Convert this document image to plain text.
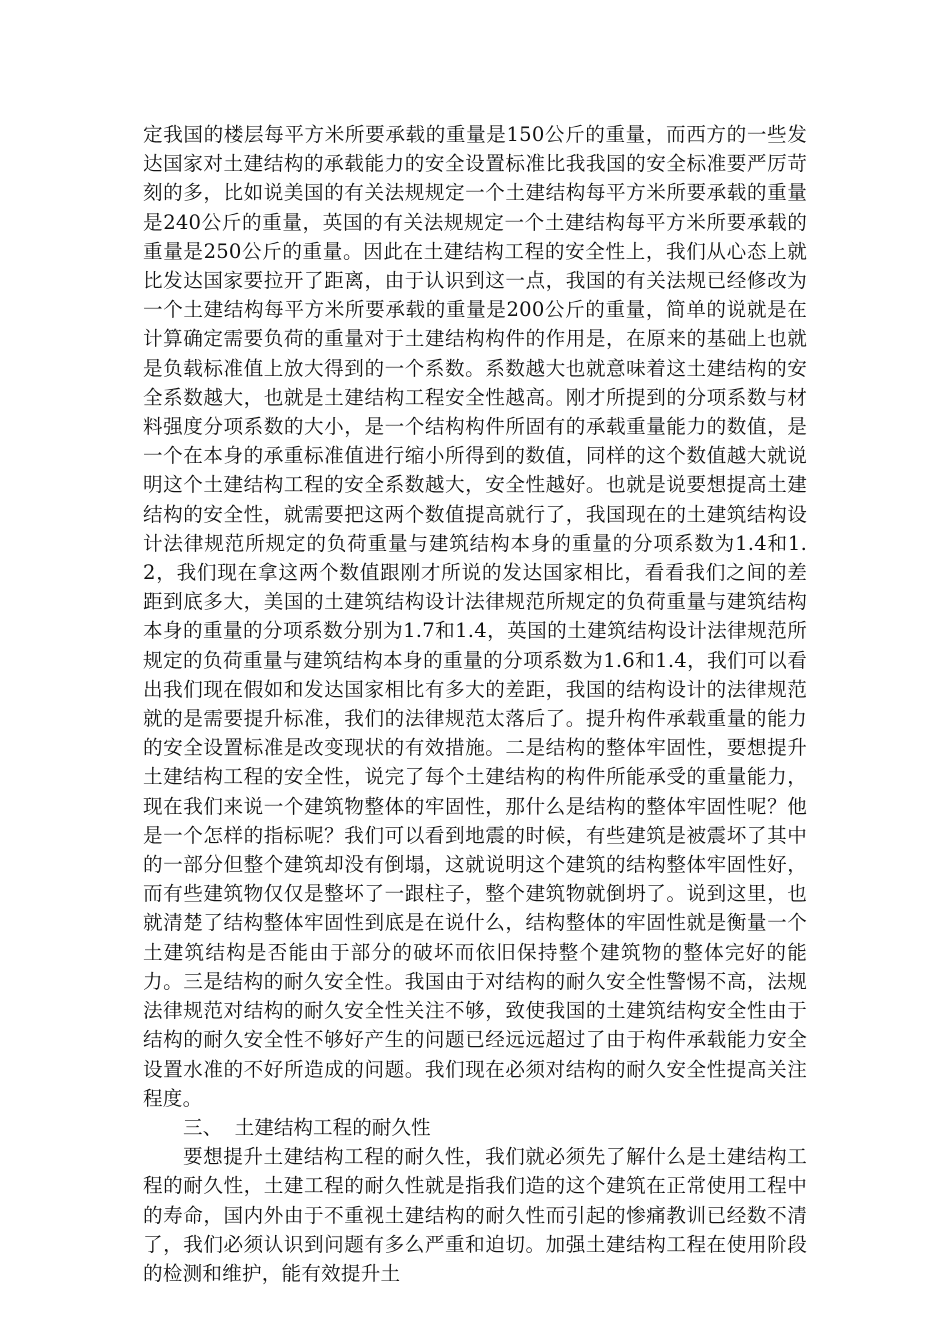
定我国的楼层每平方米所要承载的重量是150公斤的重量，而西方的一些发达国家对土建结构的承载能力的安全设置标准比我我国的安全标准要严厉苛刻的多，比如说美国的有关法规规定一个土建结构每平方米所要承载的重量是240公斤的重量，英国的有关法规规定一个土建结构每平方米所要承载的重量是250公斤的重量。因此在土建结构工程的安全性上，我们从心态上就比发达国家要拉开了距离，由于认识到这一点，我国的有关法规已经修改为一个土建结构每平方米所要承载的重量是200公斤的重量，简单的说就是在计算确定需要负荷的重量对于土建结构构件的作用是，在原来的基础上也就是负载标准值上放大得到的一个系数。系数越大也就意味着这土建结构的安全系数越大，也就是土建结构工程安全性越高。刚才所提到的分项系数与材料强度分项系数的大小，是一个结构构件所固有的承载重量能力的数值，是一个在本身的承重标准值进行缩小所得到的数值，同样的这个数值越大就说明这个土建结构工程的安全系数越大，安全性越好。也就是说要想提高土建结构的安全性，就需要把这两个数值提高就行了，我国现在的土建筑结构设计法律规范所规定的负荷重量与建筑结构本身的重量的分项系数为1.4和1.2，我们现在拿这两个数值跟刚才所说的发达国家相比，看看我们之间的差距到底多大，美国的土建筑结构设计法律规范所规定的负荷重量与建筑结构本身的重量的分项系数分别为1.7和1.4，英国的土建筑结构设计法律规范所规定的负荷重量与建筑结构本身的重量的分项系数为1.6和1.4，我们可以看出我们现在假如和发达国家相比有多大的差距，我国的结构设计的法律规范就的是需要提升标准，我们的法律规范太落后了。提升构件承载重量的能力的安全设置标准是改变现状的有效措施。二是结构的整体牢固性，要想提升土建结构工程的安全性，说完了每个土建结构的构件所能承受的重量能力，现在我们来说一个建筑物整体的牢固性，那什么是结构的整体牢固性呢？他是一个怎样的指标呢？我们可以看到地震的时候，有些建筑是被震坏了其中的一部分但整个建筑却没有倒塌，这就说明这个建筑的结构整体牢固性好，而有些建筑物仅仅是整坏了一跟柱子，整个建筑物就倒坍了。说到这里，也就清楚了结构整体牢固性到底是在说什么，结构整体的牢固性就是衡量一个土建筑结构是否能由于部分的破坏而依旧保持整个建筑物的整体完好的能力。三是结构的耐久安全性。我国由于对结构的耐久安全性警惕不高，法规法律规范对结构的耐久安全性关注不够，致使我国的土建筑结构安全性由于结构的耐久安全性不够好产生的问题已经远远超过了由于构件承载能力安全设置水准的不好所造成的问题。我们现在必须对结构的耐久安全性提高关注程度。

三、  土建结构工程的耐久性

要想提升土建结构工程的耐久性，我们就必须先了解什么是土建结构工程的耐久性，土建工程的耐久性就是指我们造的这个建筑在正常使用工程中的寿命，国内外由于不重视土建结构的耐久性而引起的惨痛教训已经数不清了，我们必须认识到问题有多么严重和迫切。加强土建结构工程在使用阶段的检测和维护，能有效提升土
